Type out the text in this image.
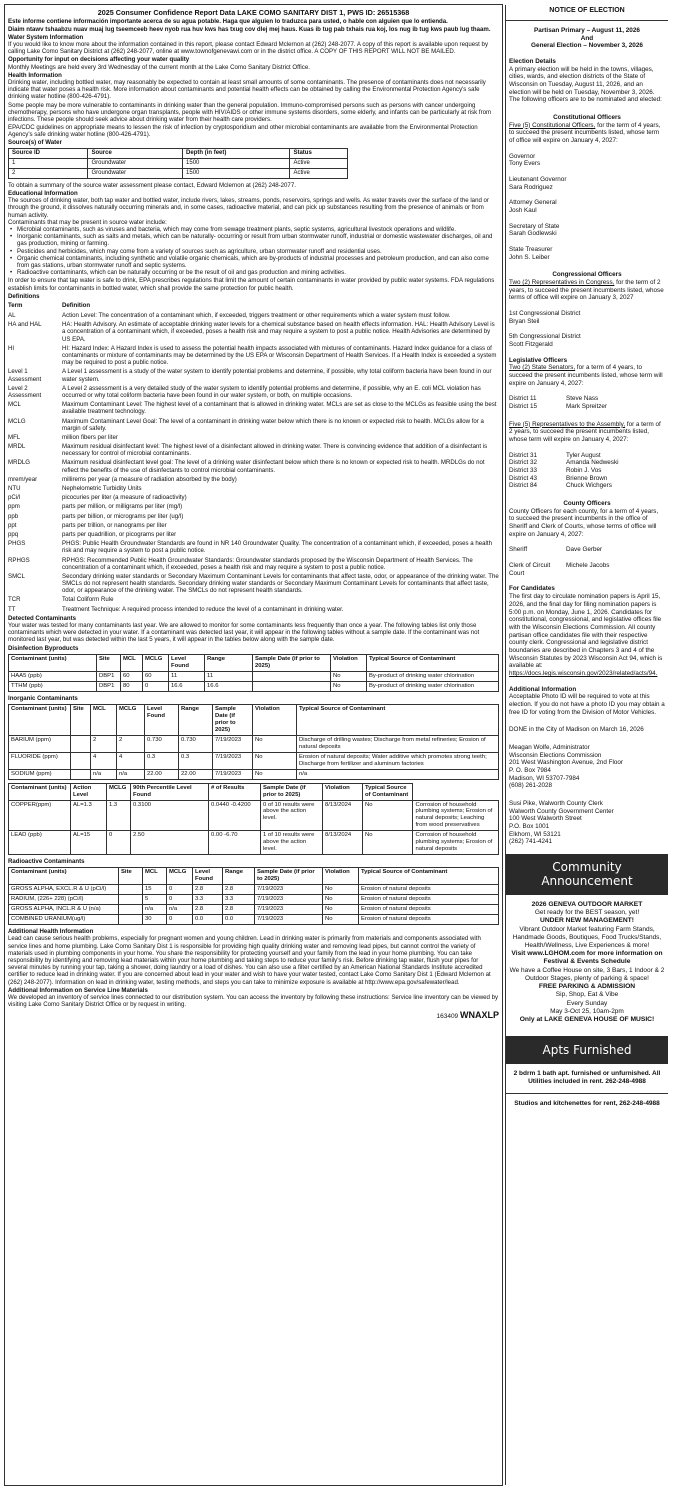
2025 Consumer Confidence Report Data LAKE COMO SANITARY DIST 1, PWS ID: 26515368
Este informe contiene información importante acerca de su agua potable. Haga que alguien lo traduzca para usted, o hable con alguien que lo entienda.
Diaim ntawv tshaabzu nuav muaj lug tseemceeb heev nyob rua huv kws has txug cov dlej mej haus. Kuas ib tug pab txhais rua koj, los nug ib tug kws paub lug thaam.
Water System Information
If you would like to know more about the information contained in this report, please contact Edward Mclernon at (262) 248-2077. A copy of this report is available upon request by calling Lake Como Sanitary District at (262) 248-2077, online at www.townofgenevawi.com or in the district office. A COPY OF THIS REPORT WILL NOT BE MAILED.
Opportunity for input on decisions affecting your water quality
Monthly Meetings are held every 3rd Wednesday of the current month at the Lake Como Sanitary District Office.
Health Information
Drinking water, including bottled water, may reasonably be expected to contain at least small amounts of some contaminants. The presence of contaminants does not necessarily indicate that water poses a health risk. More information about contaminants and potential health effects can be obtained by calling the Environmental Protection Agency's safe drinking water hotline (800-426-4791).
Some people may be more vulnerable to contaminants in drinking water than the general population. Immuno-compromised persons such as persons with cancer undergoing chemotherapy, persons who have undergone organ transplants, people with HIV/AIDS or other immune systems disorders, some elderly, and infants can be particularly at risk from infections. These people should seek advice about drinking water from their health care providers.
EPA/CDC guidelines on appropriate means to lessen the risk of infection by cryptosporidium and other microbial contaminants are available from the Environmental Protection Agency's safe drinking water hotline (800-426-4791).
Source(s) of Water
Source ID	Source	Depth (in feet)	Status
1	Groundwater	1500	Active
2	Groundwater	1500	Active
To obtain a summary of the source water assessment please contact, Edward Mclernon at (262) 248-2077.
Educational Information
The sources of drinking water, both tap water and bottled water, include rivers, lakes, streams, ponds, reservoirs, springs and wells. As water travels over the surface of the land or through the ground, it dissolves naturally occurring minerals and, in some cases, radioactive material, and can pick up substances resulting from the presence of animals or from human activity.
Contaminants that may be present in source water include:
• Microbial contaminants, such as viruses and bacteria, which may come from sewage treatment plants, septic systems, agricultural livestock operations and wildlife.
• Inorganic contaminants, such as salts and metals, which can be naturally- occurring or result from urban stormwater runoff, industrial or domestic wastewater discharges, oil and gas production, mining or farming.
• Pesticides and herbicides, which may come from a variety of sources such as agriculture, urban stormwater runoff and residential uses.
• Organic chemical contaminants, including synthetic and volatile organic chemicals, which are by-products of industrial processes and petroleum production, and can also come from gas stations, urban stormwater runoff and septic systems.
• Radioactive contaminants, which can be naturally occurring or be the result of oil and gas production and mining activities.
In order to ensure that tap water is safe to drink, EPA prescribes regulations that limit the amount of certain contaminants in water provided by public water systems. FDA regulations establish limits for contaminants in bottled water, which shall provide the same protection for public health.
Definitions
Term	Definition
AL	Action Level: The concentration of a contaminant which, if exceeded, triggers treatment or other requirements which a water system must follow.
HA and HAL	HA: Health Advisory. An estimate of acceptable drinking water levels for a chemical substance based on health effects information. HAL: Health Advisory Level is a concentration of a contaminant which, if exceeded, poses a health risk and may require a system to post a public notice. Health Advisories are determined by US EPA.
HI	HI: Hazard Index: A Hazard Index is used to assess the potential health impacts associated with mixtures of contaminants. Hazard Index guidance for a class of contaminants or mixture of contaminants may be determined by the US EPA or Wisconsin Department of Health Services. If a Health Index is exceeded a system may be required to post a public notice.
Level 1 Assessment
A Level 1 assessment is a study of the water system to identify potential problems and determine, if possible, why total coliform bacteria have been found in our water system.
Level 2 Assessment
A Level 2 assessment is a very detailed study of the water system to identify potential problems and determine, if possible, why an E. coli MCL violation has occurred or why total coliform bacteria have been found in our water system, or both, on multiple occasions.
MCL	Maximum Contaminant Level: The highest level of a contaminant that is allowed in drinking water. MCLs are set as close to the MCLGs as feasible using the best available treatment technology.
MCLG	Maximum Contaminant Level Goal: The level of a contaminant in drinking water below which there is no known or expected risk to health. MCLGs allow for a margin of safety.
MFL	million fibers per liter
MRDL	Maximum residual disinfectant level: The highest level of a disinfectant allowed in drinking water. There is convincing evidence that addition of a disinfectant is necessary for control of microbial contaminants.
MRDLG	Maximum residual disinfectant level goal: The level of a drinking water disinfectant below which there is no known or expected risk to health. MRDLGs do not reflect the benefits of the use of disinfectants to control microbial contaminants.
mrem/year	millirems per year (a measure of radiation absorbed by the body)
NTU	Nephelometric Turbidity Units
pCi/l	picocuries per liter (a measure of radioactivity)
ppm	parts per million, or milligrams per liter (mg/l)
ppb	parts per billion, or micrograms per liter (ug/l)
ppt	parts per trillion, or nanograms per liter
ppq	parts per quadrillion, or picograms per liter
PHGS	PHGS: Public Health Groundwater Standards are found in NR 140 Groundwater Quality. The concentration of a contaminant which, if exceeded, poses a health risk and may require a system to post a public notice.
RPHGS	RPHGS: Recommended Public Health Groundwater Standards: Groundwater standards proposed by the Wisconsin Department of Health Services. The concentration of a contaminant which, if exceeded, poses a health risk and may require a system to post a public notice.
SMCL	Secondary drinking water standards or Secondary Maximum Contaminant Levels for contaminants that affect taste, odor, or appearance of the drinking water. The SMCLs do not represent health standards. Secondary drinking water standards or Secondary Maximum Contaminant Levels for contaminants that affect taste, odor, or appearance of the drinking water. The SMCLs do not represent health standards.
TCR	Total Coliform Rule
TT	Treatment Technique: A required process intended to reduce the level of a contaminant in drinking water.
Detected Contaminants
Your water was tested for many contaminants last year. We are allowed to monitor for some contaminants less frequently than once a year. The following tables list only those contaminants which were detected in your water. If a contaminant was detected last year, it will appear in the following tables without a sample date. If the contaminant was not monitored last year, but was detected within the last 5 years, it will appear in the tables below along with the sample date.
Disinfection Byproducts
Contaminant (units)	Site	MCL	MCLG	Level Found	Range	Sample Date (if prior to 2025)	Violation	Typical Source of Contaminant
HAA5 (ppb)	DBP1	60	60	11	11		No	By-product of drinking water chlorination
TTHM (ppb)	DBP1	80	0	16.6	16.6		No	By-product of drinking water chlorination
Inorganic Contaminants
Contaminant (units)	Site	MCL	MCLG	Level Found	Range	Sample Date (if prior to 2025)	Violation	Typical Source of Contaminant
BARIUM (ppm)		2	2	0.730	0.730	7/19/2023	No	Discharge of drilling wastes; Discharge from metal refineries; Erosion of natural deposits
FLUORIDE (ppm)		4	4	0.3	0.3	7/19/2023	No	Erosion of natural deposits; Water additive which promotes strong teeth; Discharge from fertilizer and aluminum factories
SODIUM (ppm)		n/a	n/a	22.00	22.00	7/19/2023	No	n/a
Contaminant (units)	Action Level	MCLG	90th Percentile Level Found	# of Results	Sample Date (if prior to 2025)	Violation	Typical Source of Contaminant	
COPPER(ppm)	AL=1.3	1.3	0.3100	0.0440 -0.4200	0 of 10 results were above the action level.	8/13/2024	No	Corrosion of household plumbing systems; Erosion of natural deposits; Leaching from wood preservatives
LEAD (ppb)	AL=15	0	2.50	0.00 -6.70	1 of 10 results were above the action level.	8/13/2024	No	Corrosion of household plumbing systems; Erosion of natural deposits
Radioactive Contaminants
Contaminant (units)	Site	MCL	MCLG	Level Found	Range	Sample Date (if prior to 2025)	Violation	Typical Source of Contaminant
GROSS ALPHA, EXCL.R & U (pCi/l)		15	0	2.8	2.8	7/19/2023	No	Erosion of natural deposits
RADIUM, (226+ 228) (pCi/l)		5	0	3.3	3.3	7/19/2023	No	Erosion of natural deposits
GROSS ALPHA, INCL.R & U (n/a)		n/a	n/a	2.8	2.8	7/19/2023	No	Erosion of natural deposits
COMBINED URANIUM(ug/l)		30	0	0.0	0.0	7/19/2023	No	Erosion of natural deposits
Additional Health Information
Lead can cause serious health problems, especially for pregnant women and young children. Lead in drinking water is primarily from materials and components associated with service lines and home plumbing. Lake Como Sanitary Dist 1 is responsible for providing high quality drinking water and removing lead pipes, but cannot control the variety of materials used in plumbing components in your home. You share the responsibility for protecting yourself and your family from the lead in your home plumbing. You can take responsibility by identifying and removing lead materials within your home plumbing and taking steps to reduce your family's risk. Before drinking tap water, flush your pipes for several minutes by running your tap, taking a shower, doing laundry or a load of dishes. You can also use a filter certified by an American National Standards Institute accredited certifier to reduce lead in drinking water. If you are concerned about lead in your water and wish to have your water tested, contact Lake Como Sanitary Dist 1 (Edward Mclernon at (262) 248-2077). Information on lead in drinking water, testing methods, and steps you can take to minimize exposure is available at http://www.epa.gov/safewater/lead.
Additional Information on Service Line Materials
We developed an inventory of service lines connected to our distribution system. You can access the inventory by following these instructions: Service line inventory can be viewed by visiting Lake Como Sanitary District Office or by request in writing.
163409 WNAXLP
NOTICE OF ELECTION
Partisan Primary – August 11, 2026
And
General Election – November 3, 2026
Election Details
A primary election will be held in the towns, villages, cities, wards, and election districts of the State of Wisconsin on Tuesday, August 11, 2026, and an election will be held on Tuesday, November 3, 2026. The following officers are to be nominated and elected:
Constitutional Officers
Five (5) Constitutional Officers, for the term of 4 years, to succeed the present incumbents listed, whose term of office will expire on January 4, 2027:
Governor
Tony Evers
Lieutenant Governor
Sara Rodriguez
Attorney General
Josh Kaul
Secretary of State
Sarah Godlewski
State Treasurer
John S. Leiber
Congressional Officers
Two (2) Representatives in Congress, for the term of 2 years, to succeed the present incumbents listed, whose terms of office will expire on January 3, 2027
1st Congressional District
Bryan Steil
5th Congressional District
Scott Fitzgerald
Legislative Officers
Two (2) State Senators, for a term of 4 years, to succeed the present incumbents listed, whose term will expire on January 4, 2027:
District 11	Steve Nass
District 15	Mark Spreitzer
Five (5) Representatives to the Assembly, for a term of 2 years, to succeed the present incumbents listed, whose term will expire on January 4, 2027:
District 31	Tyler August
District 32	Amanda Nedweski
District 33	Robin J. Vos
District 43	Brienne Brown
District 84	Chuck Wichgers
County Officers
County Officers for each county, for a term of 4 years, to succeed the present incumbents in the office of Sheriff and Clerk of Courts, whose terms of office will expire on January 4, 2027:
Sheriff	Dave Gerber
Clerk of Circuit Court
Michele Jacobs
For Candidates
The first day to circulate nomination papers is April 15, 2026, and the final day for filing nomination papers is 5:00 p.m. on Monday, June 1, 2026. Candidates for constitutional, congressional, and legislative offices file with the Wisconsin Elections Commission. All county partisan office candidates file with their respective county clerk. Congressional and legislative district boundaries are described in Chapters 3 and 4 of the Wisconsin Statutes by 2023 Wisconsin Act 94, which is available at: https://docs.legis.wisconsin.gov/2023/related/acts/94.
Additional Information
Acceptable Photo ID will be required to vote at this election. If you do not have a photo ID you may obtain a free ID for voting from the Division of Motor Vehicles.
DONE in the City of Madison on March 16, 2026
Meagan Wolfe, Administrator
Wisconsin Elections Commission
201 West Washington Avenue, 2nd Floor
P. O. Box 7984
Madison, WI 53707-7984
(608) 261-2028
Susi Pike, Walworth County Clerk
Walworth County Government Center
100 West Walworth Street
P.O. Box 1001
Elkhorn, WI 53121
(262) 741-4241
Community
Announcement
2026 GENEVA OUTDOOR MARKET
Get ready for the BEST season, yet!
UNDER NEW MANAGEMENT!
Vibrant Outdoor Market featuring Farm Stands, Handmade Goods, Boutiques, Food Trucks/Stands, Health/Wellness, Live Experiences & more!
Visit www.LGHOM.com for more information on Festival & Events Schedule
We have a Coffee House on site, 3 Bars, 1 Indoor & 2 Outdoor Stages, plenty of parking & space!
FREE PARKING & ADMISSION
Sip, Shop, Eat & Vibe
Every Sunday
May 3-Oct 25, 10am-2pm
Only at LAKE GENEVA HOUSE OF MUSIC!
Apts Furnished
2 bdrm 1 bath apt. furnished or unfurnished. All Utilities included in rent. 262-248-4988
Studios and kitchenettes for rent, 262-248-4988
